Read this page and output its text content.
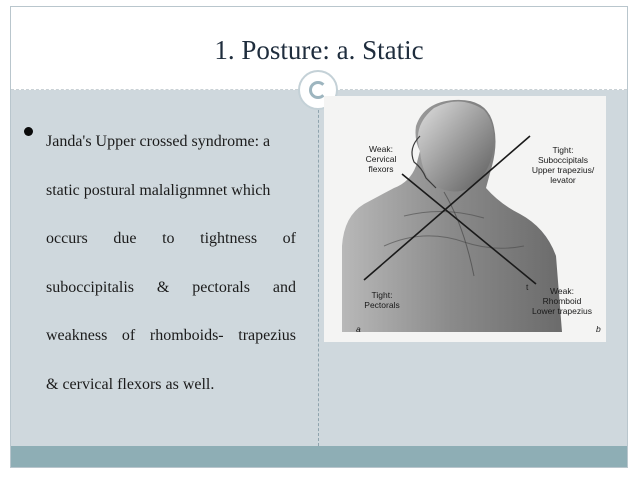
1. Posture: a. Static
Janda's Upper crossed syndrome: a
static postural malalignmnet which
occurs due to tightness of
suboccipitalis & pectorals and
weakness of rhomboids- trapezius
& cervical flexors as well.
Weak:
Cervical
flexors
Tight:
Suboccipitals
Upper trapezius/
levator
Tight:
Pectorals
Weak:
Rhomboid
Lower trapezius
a	b
t
